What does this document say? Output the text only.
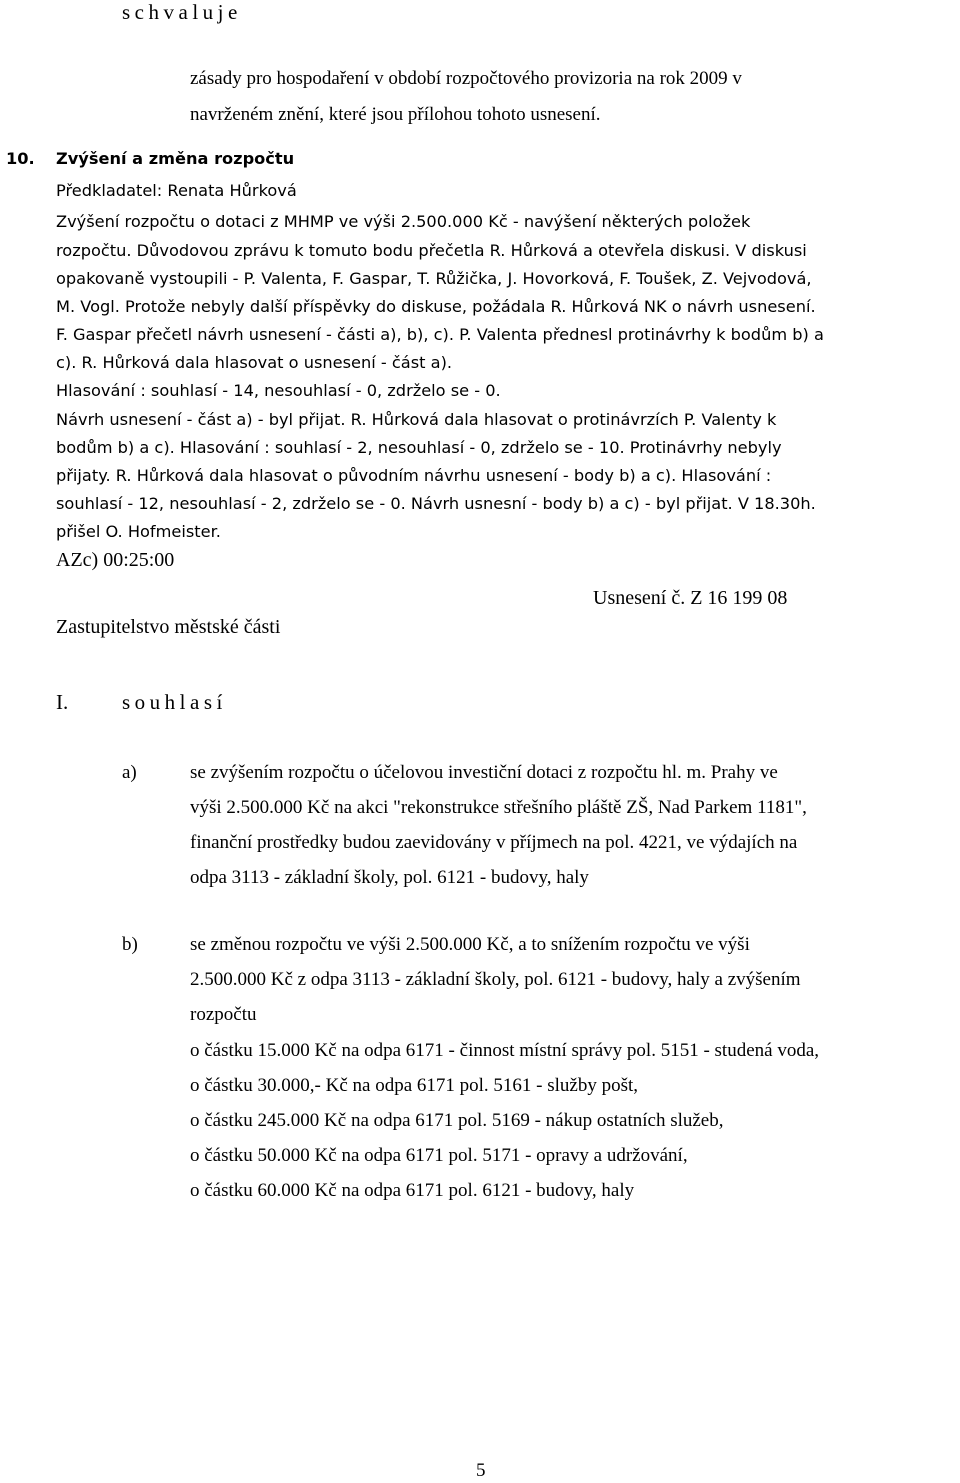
schvaluje
zásady pro hospodaření v období rozpočtového provizoria na rok 2009 v
navrženém znění, které jsou přílohou tohoto usnesení.
10. Zvýšení a změna rozpočtu
Předkladatel: Renata Hůrková
Zvýšení rozpočtu o dotaci z MHMP ve výši 2.500.000 Kč - navýšení některých položek
rozpočtu. Důvodovou zprávu k tomuto bodu přečetla R. Hůrková a otevřela diskusi. V diskusi
opakovaně vystoupili - P. Valenta, F. Gaspar, T. Růžička, J. Hovorková, F. Toušek, Z. Vejvodová,
M. Vogl. Protože nebyly další příspěvky do diskuse, požádala R. Hůrková NK o návrh usnesení.
F. Gaspar přečetl návrh usnesení - části a), b), c). P. Valenta přednesl protinávrhy k bodům b) a
c). R. Hůrková dala hlasovat o usnesení - část a).
Hlasování : souhlasí - 14, nesouhlasí - 0, zdrželo se - 0.
Návrh usnesení - část a) - byl přijat. R. Hůrková dala hlasovat o protinávrzích P. Valenty k
bodům b) a c). Hlasování : souhlasí - 2, nesouhlasí - 0, zdrželo se - 10. Protinávrhy nebyly
přijaty. R. Hůrková dala hlasovat o původním návrhu usnesení - body b) a c). Hlasování :
souhlasí - 12, nesouhlasí - 2, zdrželo se - 0. Návrh usnesní - body b) a c) - byl přijat. V 18.30h.
přišel O. Hofmeister.
AZc) 00:25:00
Usnesení č. Z 16 199 08
Zastupitelstvo městské části
I.	souhlasí
a)	se zvýšením rozpočtu o účelovou investiční dotaci z rozpočtu hl. m. Prahy ve
výši 2.500.000 Kč na akci "rekonstrukce střešního pláště ZŠ, Nad Parkem 1181",
finanční prostředky budou zaevidovány v příjmech na pol. 4221, ve výdajích na
odpa 3113 - základní školy, pol. 6121 - budovy, haly
b)	se změnou rozpočtu ve výši 2.500.000 Kč, a to snížením rozpočtu ve výši
2.500.000 Kč z odpa 3113 - základní školy, pol. 6121 - budovy, haly a zvýšením
rozpočtu
o částku 15.000 Kč na odpa 6171 - činnost místní správy pol. 5151 - studená voda,
o částku 30.000,- Kč na odpa 6171 pol. 5161 - služby pošt,
o částku 245.000 Kč na odpa 6171 pol. 5169 - nákup ostatních služeb,
o částku 50.000 Kč na odpa 6171 pol. 5171 - opravy a udržování,
o částku 60.000 Kč na odpa 6171 pol. 6121 - budovy, haly
5
